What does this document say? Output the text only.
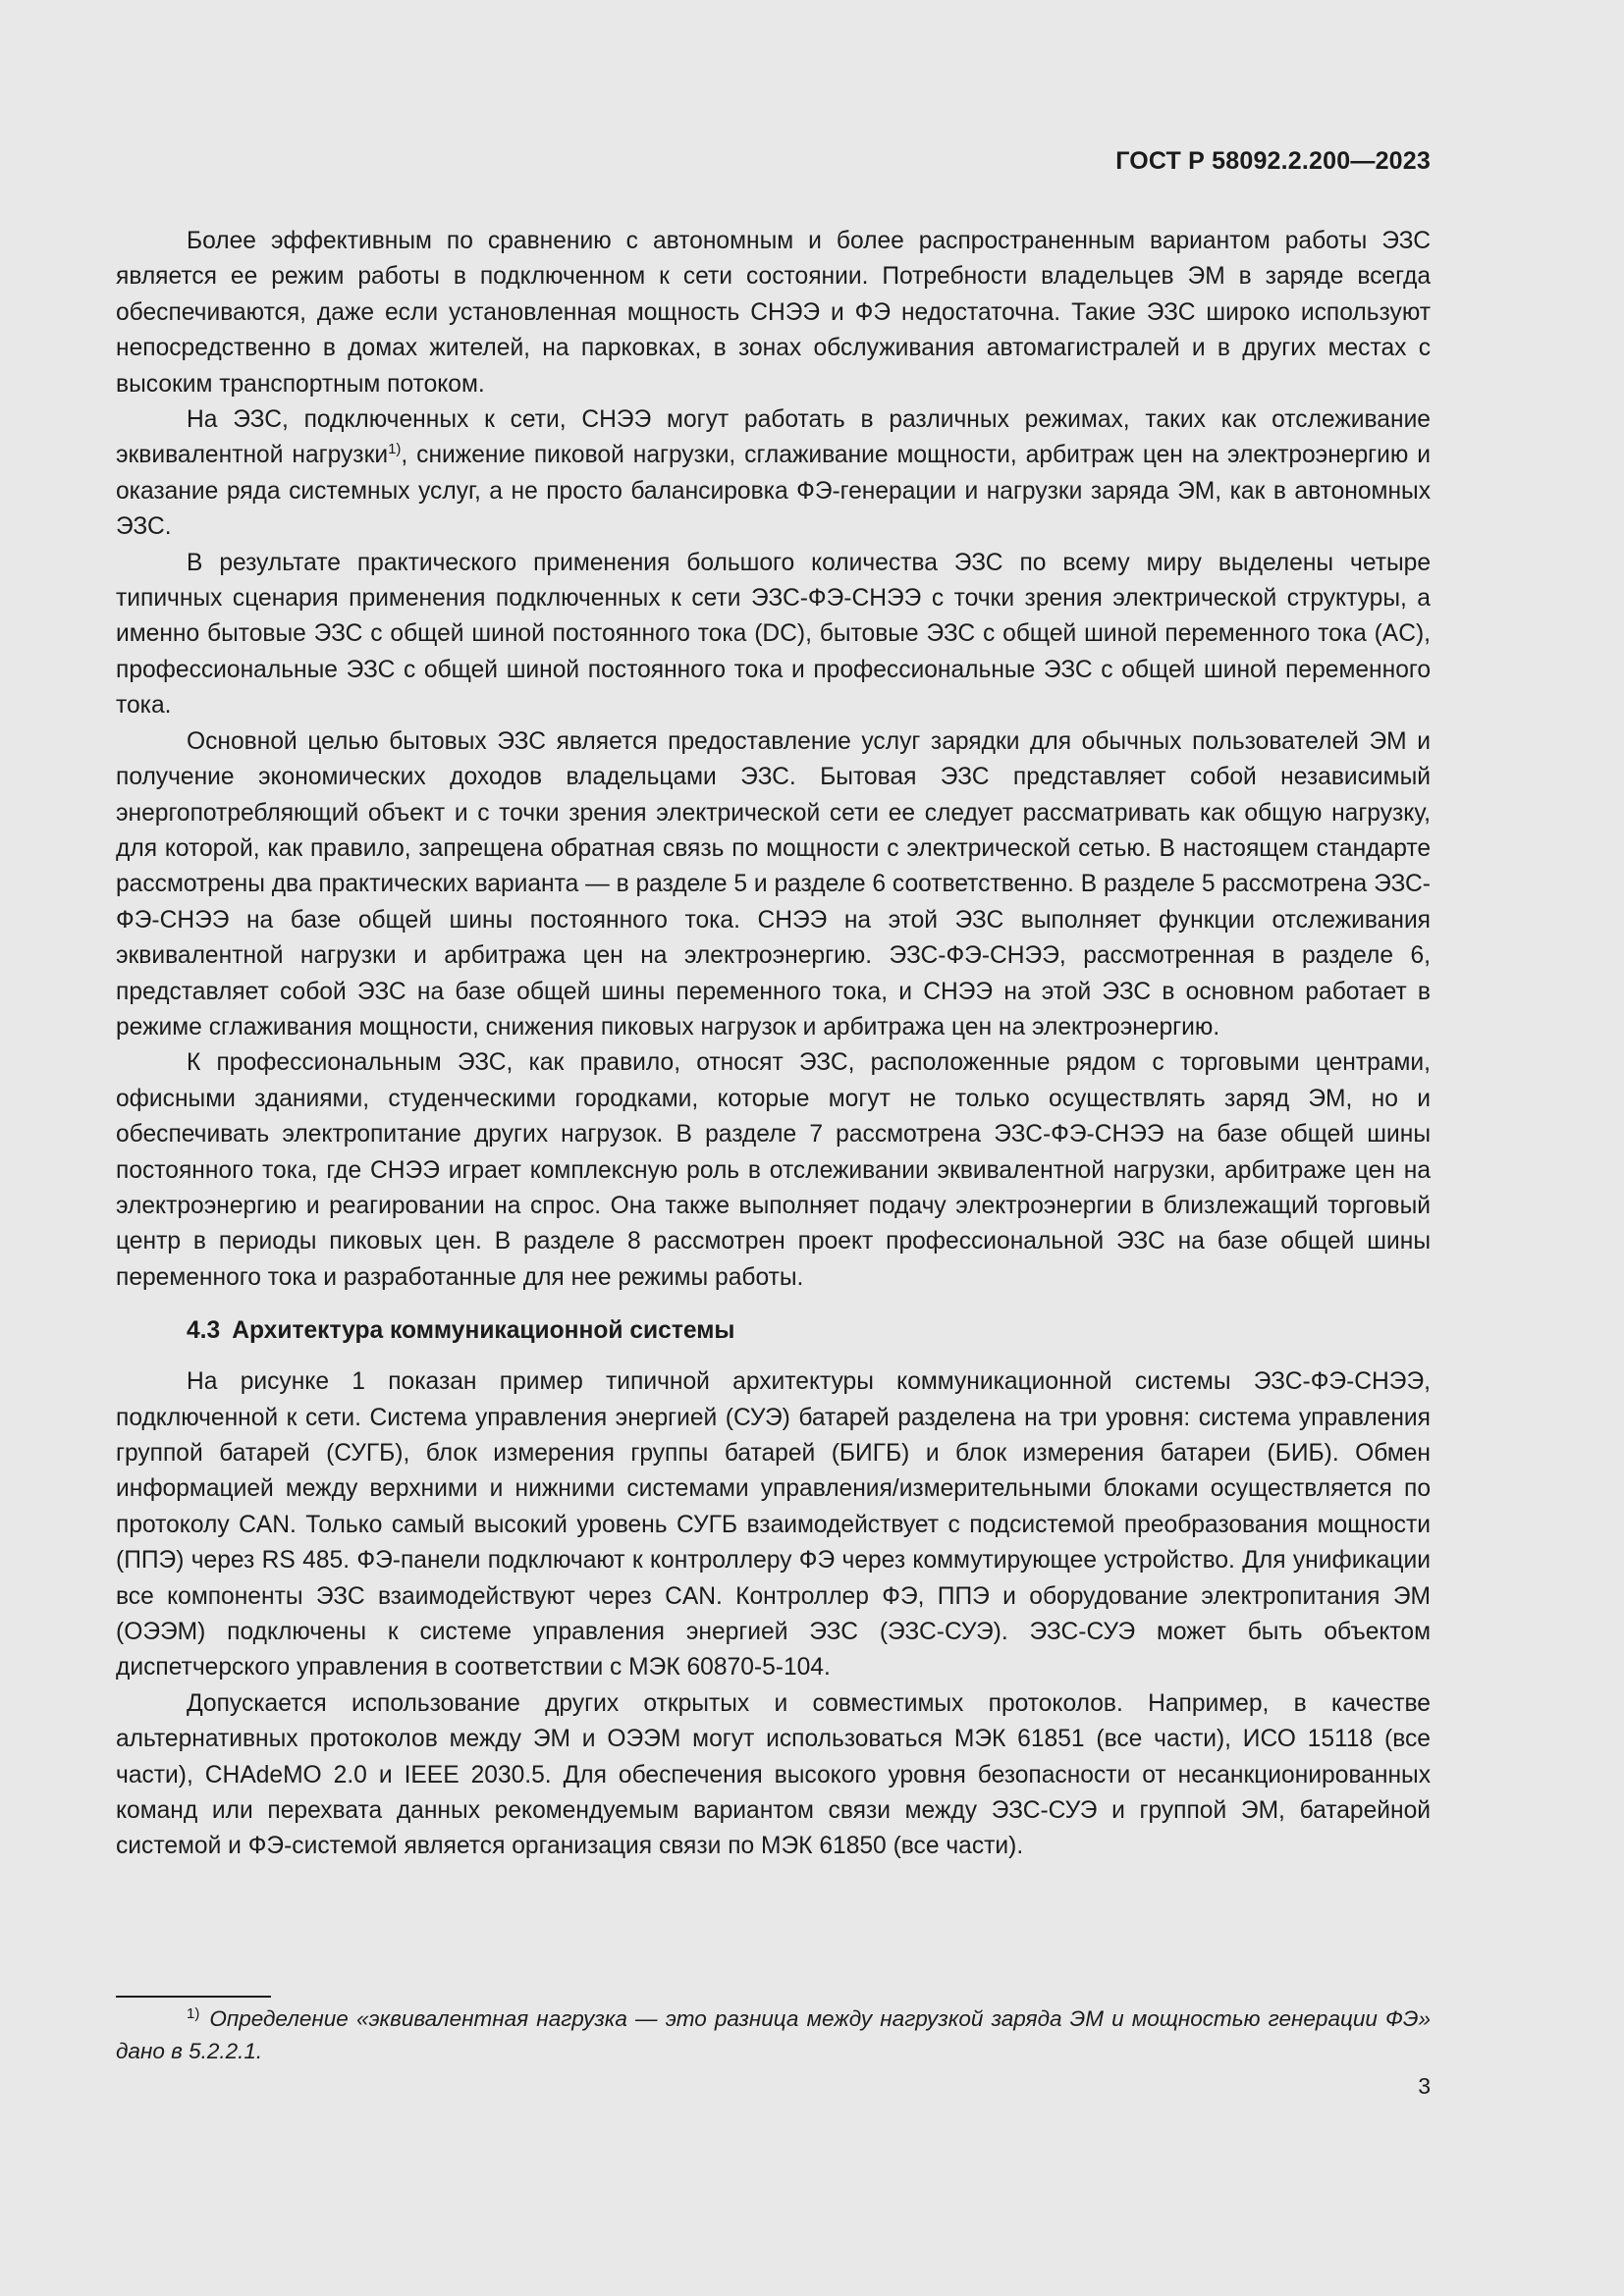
ГОСТ Р 58092.2.200—2023

Более эффективным по сравнению с автономным и более распространенным вариантом работы ЭЗС является ее режим работы в подключенном к сети состоянии. Потребности владельцев ЭМ в заряде всегда обеспечиваются, даже если установленная мощность СНЭЭ и ФЭ недостаточна. Такие ЭЗС широко используют непосредственно в домах жителей, на парковках, в зонах обслуживания автомагистралей и в других местах с высоким транспортным потоком.

На ЭЗС, подключенных к сети, СНЭЭ могут работать в различных режимах, таких как отслеживание эквивалентной нагрузки$^{1)}$, снижение пиковой нагрузки, сглаживание мощности, арбитраж цен на электроэнергию и оказание ряда системных услуг, а не просто балансировка ФЭ-генерации и нагрузки заряда ЭМ, как в автономных ЭЗС.

В результате практического применения большого количества ЭЗС по всему миру выделены четыре типичных сценария применения подключенных к сети ЭЗС-ФЭ-СНЭЭ с точки зрения электрической структуры, а именно бытовые ЭЗС с общей шиной постоянного тока (DC), бытовые ЭЗС с общей шиной переменного тока (AC), профессиональные ЭЗС с общей шиной постоянного тока и профессиональные ЭЗС с общей шиной переменного тока.

Основной целью бытовых ЭЗС является предоставление услуг зарядки для обычных пользователей ЭМ и получение экономических доходов владельцами ЭЗС. Бытовая ЭЗС представляет собой независимый энергопотребляющий объект и с точки зрения электрической сети ее следует рассматривать как общую нагрузку, для которой, как правило, запрещена обратная связь по мощности с электрической сетью. В настоящем стандарте рассмотрены два практических варианта — в разделе 5 и разделе 6 соответственно. В разделе 5 рассмотрена ЭЗС-ФЭ-СНЭЭ на базе общей шины постоянного тока. СНЭЭ на этой ЭЗС выполняет функции отслеживания эквивалентной нагрузки и арбитража цен на электроэнергию. ЭЗС-ФЭ-СНЭЭ, рассмотренная в разделе 6, представляет собой ЭЗС на базе общей шины переменного тока, и СНЭЭ на этой ЭЗС в основном работает в режиме сглаживания мощности, снижения пиковых нагрузок и арбитража цен на электроэнергию.

К профессиональным ЭЗС, как правило, относят ЭЗС, расположенные рядом с торговыми центрами, офисными зданиями, студенческими городками, которые могут не только осуществлять заряд ЭМ, но и обеспечивать электропитание других нагрузок. В разделе 7 рассмотрена ЭЗС-ФЭ-СНЭЭ на базе общей шины постоянного тока, где СНЭЭ играет комплексную роль в отслеживании эквивалентной нагрузки, арбитраже цен на электроэнергию и реагировании на спрос. Она также выполняет подачу электроэнергии в близлежащий торговый центр в периоды пиковых цен. В разделе 8 рассмотрен проект профессиональной ЭЗС на базе общей шины переменного тока и разработанные для нее режимы работы.

4.3 Архитектура коммуникационной системы

На рисунке 1 показан пример типичной архитектуры коммуникационной системы ЭЗС-ФЭ-СНЭЭ, подключенной к сети. Система управления энергией (СУЭ) батарей разделена на три уровня: система управления группой батарей (СУГБ), блок измерения группы батарей (БИГБ) и блок измерения батареи (БИБ). Обмен информацией между верхними и нижними системами управления/измерительными блоками осуществляется по протоколу CAN. Только самый высокий уровень СУГБ взаимодействует с подсистемой преобразования мощности (ППЭ) через RS 485. ФЭ-панели подключают к контроллеру ФЭ через коммутирующее устройство. Для унификации все компоненты ЭЗС взаимодействуют через CAN. Контроллер ФЭ, ППЭ и оборудование электропитания ЭМ (ОЭЭМ) подключены к системе управления энергией ЭЗС (ЭЗС-СУЭ). ЭЗС-СУЭ может быть объектом диспетчерского управления в соответствии с МЭК 60870-5-104.

Допускается использование других открытых и совместимых протоколов. Например, в качестве альтернативных протоколов между ЭМ и ОЭЭМ могут использоваться МЭК 61851 (все части), ИСО 15118 (все части), CHAdeMO 2.0 и IEEE 2030.5. Для обеспечения высокого уровня безопасности от несанкционированных команд или перехвата данных рекомендуемым вариантом связи между ЭЗС-СУЭ и группой ЭМ, батарейной системой и ФЭ-системой является организация связи по МЭК 61850 (все части).

$^{1)}$ Определение «эквивалентная нагрузка — это разница между нагрузкой заряда ЭМ и мощностью генерации ФЭ» дано в 5.2.2.1.
3
